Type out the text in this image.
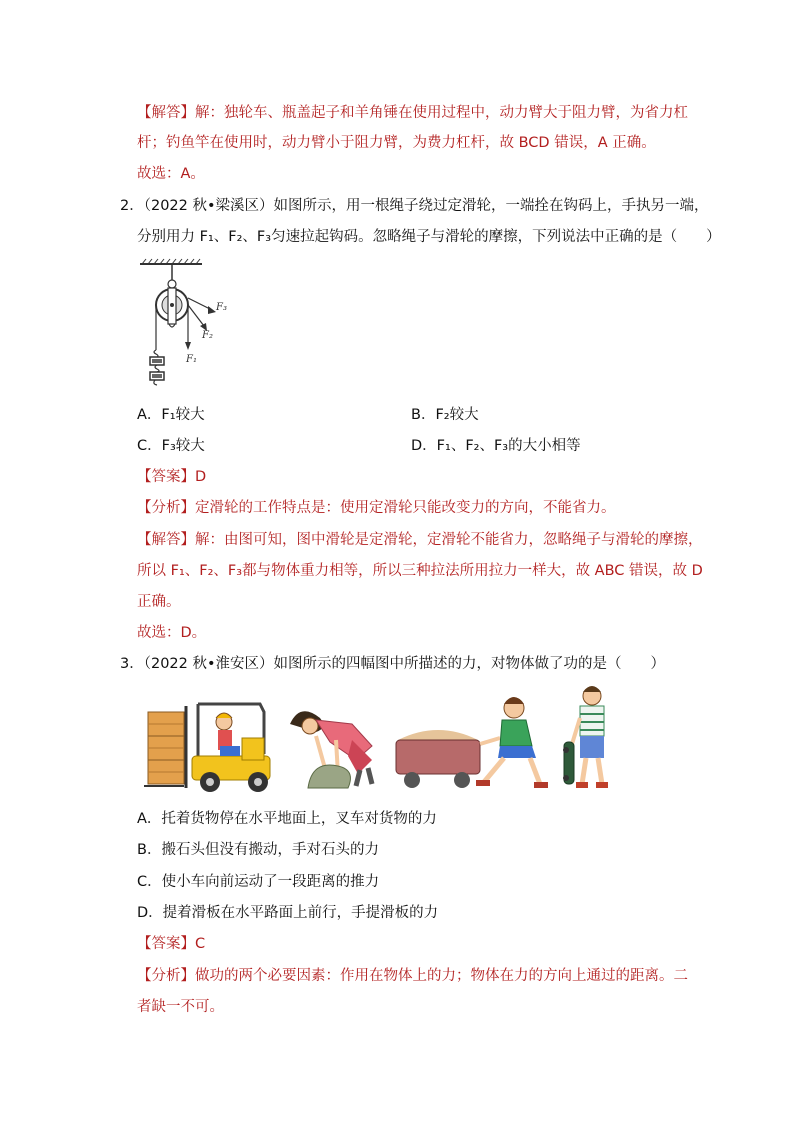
【解答】解：独轮车、瓶盖起子和羊角锤在使用过程中，动力臂大于阻力臂，为省力杠
杆；钓鱼竿在使用时，动力臂小于阻力臂，为费力杠杆，故 BCD 错误，A 正确。
故选：A。
2．（2022 秋•梁溪区）如图所示，用一根绳子绕过定滑轮，一端拴在钩码上，手执另一端，
分别用力 F₁、F₂、F₃匀速拉起钩码。忽略绳子与滑轮的摩擦，下列说法中正确的是（　　）
F₁
F₂
F₃
A．F₁较大	B．F₂较大
C．F₃较大	D．F₁、F₂、F₃的大小相等
【答案】D
【分析】定滑轮的工作特点是：使用定滑轮只能改变力的方向，不能省力。
【解答】解：由图可知，图中滑轮是定滑轮，定滑轮不能省力，忽略绳子与滑轮的摩擦，
所以 F₁、F₂、F₃都与物体重力相等，所以三种拉法所用拉力一样大，故 ABC 错误，故 D
正确。
故选：D。
3．（2022 秋•淮安区）如图所示的四幅图中所描述的力，对物体做了功的是（　　）
A．托着货物停在水平地面上，叉车对货物的力
B．搬石头但没有搬动，手对石头的力
C．使小车向前运动了一段距离的推力
D．提着滑板在水平路面上前行，手提滑板的力
【答案】C
【分析】做功的两个必要因素：作用在物体上的力；物体在力的方向上通过的距离。二
者缺一不可。
